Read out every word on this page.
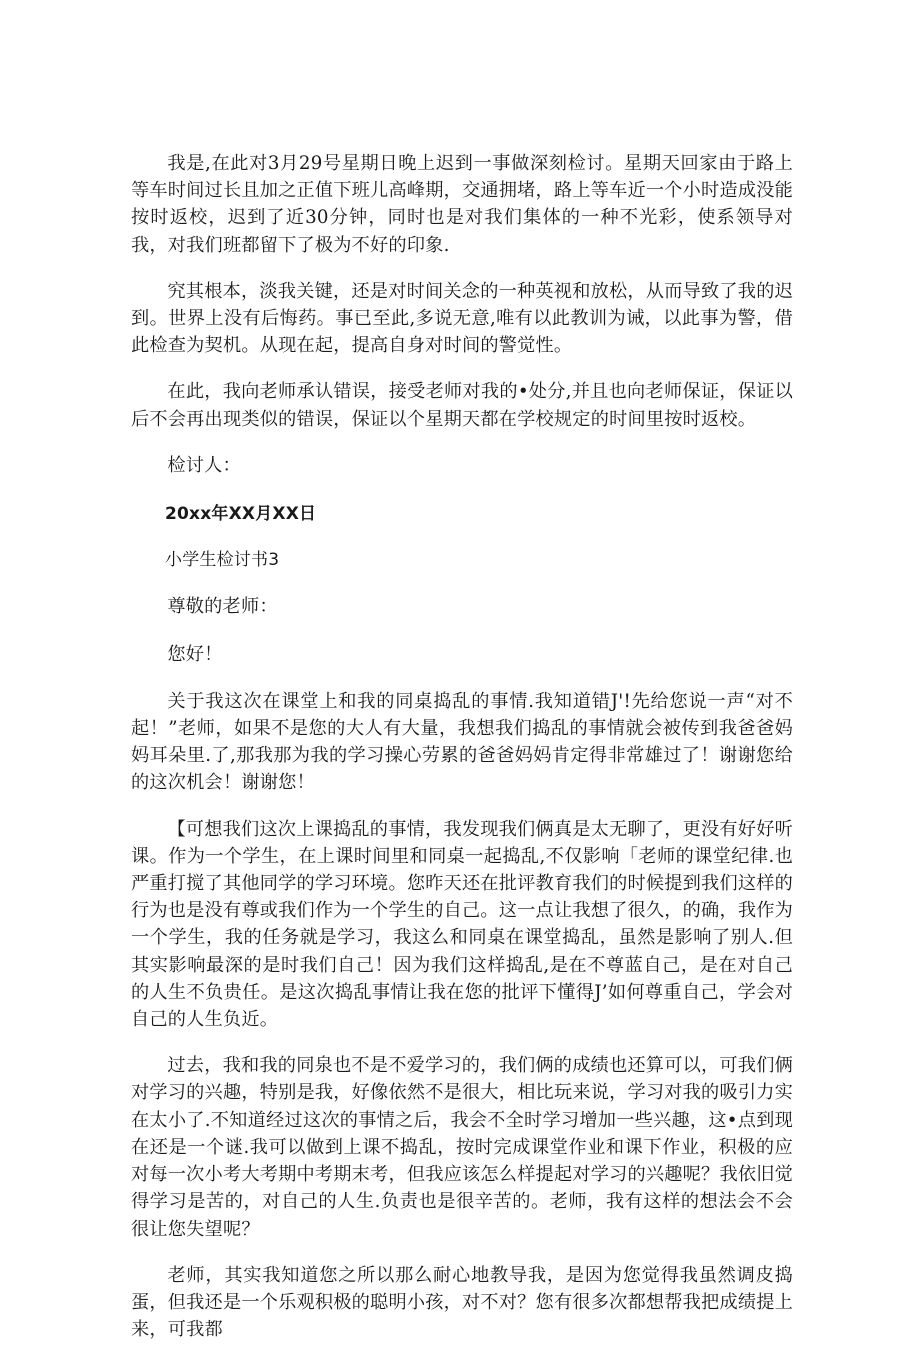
我是,在此对3月29号星期日晚上迟到一事做深刻检讨。星期天回家由于路上等车时间过长且加之正值下班儿高峰期，交通拥堵，路上等车近一个小时造成没能按时返校，迟到了近30分钟，同时也是对我们集体的一种不光彩，使系领导对我，对我们班都留下了极为不好的印象.

究其根本，淡我关键，还是对时间关念的一种英视和放松，从而导致了我的迟到。世界上没有后悔药。事已至此,多说无意,唯有以此教训为诫，以此事为警，借此检查为契机。从现在起，提高自身对时间的警觉性。

在此，我向老师承认错误，接受老师对我的•处分,并且也向老师保证，保证以后不会再出现类似的错误，保证以个星期天都在学校规定的时间里按时返校。

检讨人：

20xx年XX月XX日

小学生检讨书3

尊敬的老师：

您好！

关于我这次在课堂上和我的同桌捣乱的事情.我知道错J'!先给您说一声“对不起！”老师，如果不是您的大人有大量，我想我们捣乱的事情就会被传到我爸爸妈妈耳朵里.了,那我那为我的学习操心劳累的爸爸妈妈肯定得非常雄过了！谢谢您给的这次机会！谢谢您！

【可想我们这次上课捣乱的事情，我发现我们俩真是太无聊了，更没有好好听课。作为一个学生，在上课时间里和同桌一起捣乱,不仅影响「老师的课堂纪律.也严重打搅了其他同学的学习环境。您昨天还在批评教育我们的时候提到我们这样的行为也是没有尊或我们作为一个学生的自己。这一点让我想了很久，的确，我作为一个学生，我的任务就是学习，我这么和同桌在课堂捣乱，虽然是影响了别人.但其实影响最深的是时我们自己！因为我们这样捣乱,是在不尊蓝自己，是在对自己的人生不负贵任。是这次捣乱事情让我在您的批评下懂得J’如何尊重自己，学会对自己的人生负近。

过去，我和我的同泉也不是不爱学习的，我们俩的成绩也还算可以，可我们俩对学习的兴趣，特别是我，好像依然不是很大，相比玩来说，学习对我的吸引力实在太小了.不知道经过这次的事情之后，我会不全时学习增加一些兴趣，这•点到现在还是一个谜.我可以做到上课不捣乱，按时完成课堂作业和课下作业，积极的应对每一次小考大考期中考期末考，但我应该怎么样提起对学习的兴趣呢？我依旧觉得学习是苦的，对自己的人生.负责也是很辛苦的。老师，我有这样的想法会不会很让您失望呢？

老师，其实我知道您之所以那么耐心地教导我，是因为您觉得我虽然调皮捣蛋，但我还是一个乐观积极的聪明小孩，对不对？您有很多次都想帮我把成绩提上来，可我都
